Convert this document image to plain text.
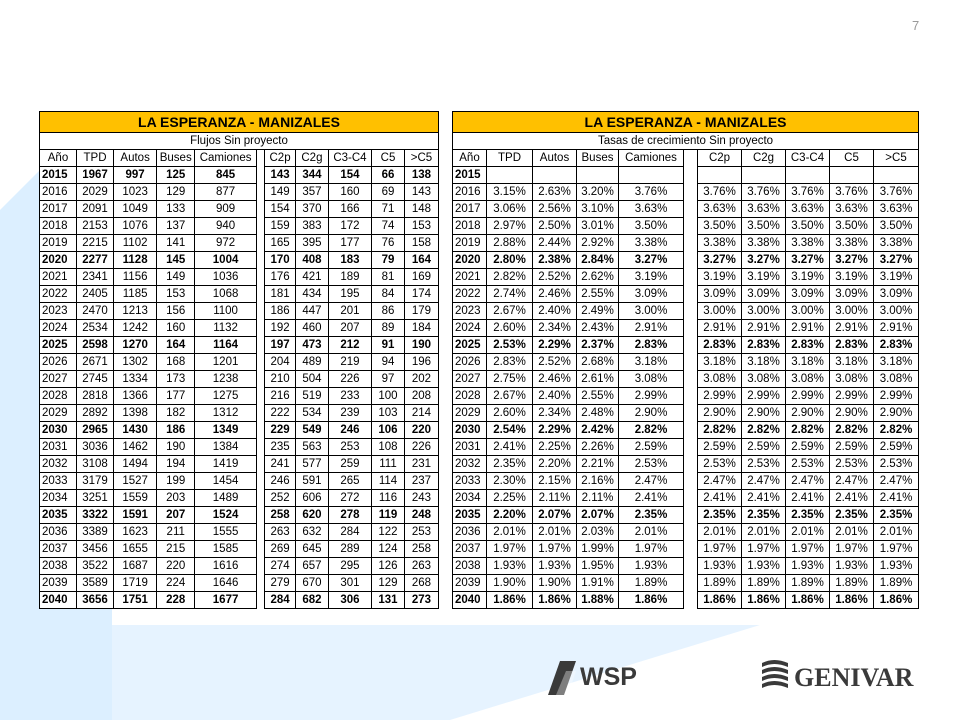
7
LA ESPERANZA - MANIZALES										
Flujos Sin proyecto										
Año	TPD	Autos	Buses	Camiones		C2p	C2g	C3-C4	C5	>C5
2015	1967	997	125	845		143	344	154	66	138
2016	2029	1023	129	877		149	357	160	69	143
2017	2091	1049	133	909		154	370	166	71	148
2018	2153	1076	137	940		159	383	172	74	153
2019	2215	1102	141	972		165	395	177	76	158
2020	2277	1128	145	1004		170	408	183	79	164
2021	2341	1156	149	1036		176	421	189	81	169
2022	2405	1185	153	1068		181	434	195	84	174
2023	2470	1213	156	1100		186	447	201	86	179
2024	2534	1242	160	1132		192	460	207	89	184
2025	2598	1270	164	1164		197	473	212	91	190
2026	2671	1302	168	1201		204	489	219	94	196
2027	2745	1334	173	1238		210	504	226	97	202
2028	2818	1366	177	1275		216	519	233	100	208
2029	2892	1398	182	1312		222	534	239	103	214
2030	2965	1430	186	1349		229	549	246	106	220
2031	3036	1462	190	1384		235	563	253	108	226
2032	3108	1494	194	1419		241	577	259	111	231
2033	3179	1527	199	1454		246	591	265	114	237
2034	3251	1559	203	1489		252	606	272	116	243
2035	3322	1591	207	1524		258	620	278	119	248
2036	3389	1623	211	1555		263	632	284	122	253
2037	3456	1655	215	1585		269	645	289	124	258
2038	3522	1687	220	1616		274	657	295	126	263
2039	3589	1719	224	1646		279	670	301	129	268
2040	3656	1751	228	1677		284	682	306	131	273
LA ESPERANZA - MANIZALES										
Tasas de crecimiento Sin proyecto										
Año	TPD	Autos	Buses	Camiones		C2p	C2g	C3-C4	C5	>C5
2015										
2016	3.15%	2.63%	3.20%	3.76%		3.76%	3.76%	3.76%	3.76%	3.76%
2017	3.06%	2.56%	3.10%	3.63%		3.63%	3.63%	3.63%	3.63%	3.63%
2018	2.97%	2.50%	3.01%	3.50%		3.50%	3.50%	3.50%	3.50%	3.50%
2019	2.88%	2.44%	2.92%	3.38%		3.38%	3.38%	3.38%	3.38%	3.38%
2020	2.80%	2.38%	2.84%	3.27%		3.27%	3.27%	3.27%	3.27%	3.27%
2021	2.82%	2.52%	2.62%	3.19%		3.19%	3.19%	3.19%	3.19%	3.19%
2022	2.74%	2.46%	2.55%	3.09%		3.09%	3.09%	3.09%	3.09%	3.09%
2023	2.67%	2.40%	2.49%	3.00%		3.00%	3.00%	3.00%	3.00%	3.00%
2024	2.60%	2.34%	2.43%	2.91%		2.91%	2.91%	2.91%	2.91%	2.91%
2025	2.53%	2.29%	2.37%	2.83%		2.83%	2.83%	2.83%	2.83%	2.83%
2026	2.83%	2.52%	2.68%	3.18%		3.18%	3.18%	3.18%	3.18%	3.18%
2027	2.75%	2.46%	2.61%	3.08%		3.08%	3.08%	3.08%	3.08%	3.08%
2028	2.67%	2.40%	2.55%	2.99%		2.99%	2.99%	2.99%	2.99%	2.99%
2029	2.60%	2.34%	2.48%	2.90%		2.90%	2.90%	2.90%	2.90%	2.90%
2030	2.54%	2.29%	2.42%	2.82%		2.82%	2.82%	2.82%	2.82%	2.82%
2031	2.41%	2.25%	2.26%	2.59%		2.59%	2.59%	2.59%	2.59%	2.59%
2032	2.35%	2.20%	2.21%	2.53%		2.53%	2.53%	2.53%	2.53%	2.53%
2033	2.30%	2.15%	2.16%	2.47%		2.47%	2.47%	2.47%	2.47%	2.47%
2034	2.25%	2.11%	2.11%	2.41%		2.41%	2.41%	2.41%	2.41%	2.41%
2035	2.20%	2.07%	2.07%	2.35%		2.35%	2.35%	2.35%	2.35%	2.35%
2036	2.01%	2.01%	2.03%	2.01%		2.01%	2.01%	2.01%	2.01%	2.01%
2037	1.97%	1.97%	1.99%	1.97%		1.97%	1.97%	1.97%	1.97%	1.97%
2038	1.93%	1.93%	1.95%	1.93%		1.93%	1.93%	1.93%	1.93%	1.93%
2039	1.90%	1.90%	1.91%	1.89%		1.89%	1.89%	1.89%	1.89%	1.89%
2040	1.86%	1.86%	1.88%	1.86%		1.86%	1.86%	1.86%	1.86%	1.86%
WSP	GENIVAR
